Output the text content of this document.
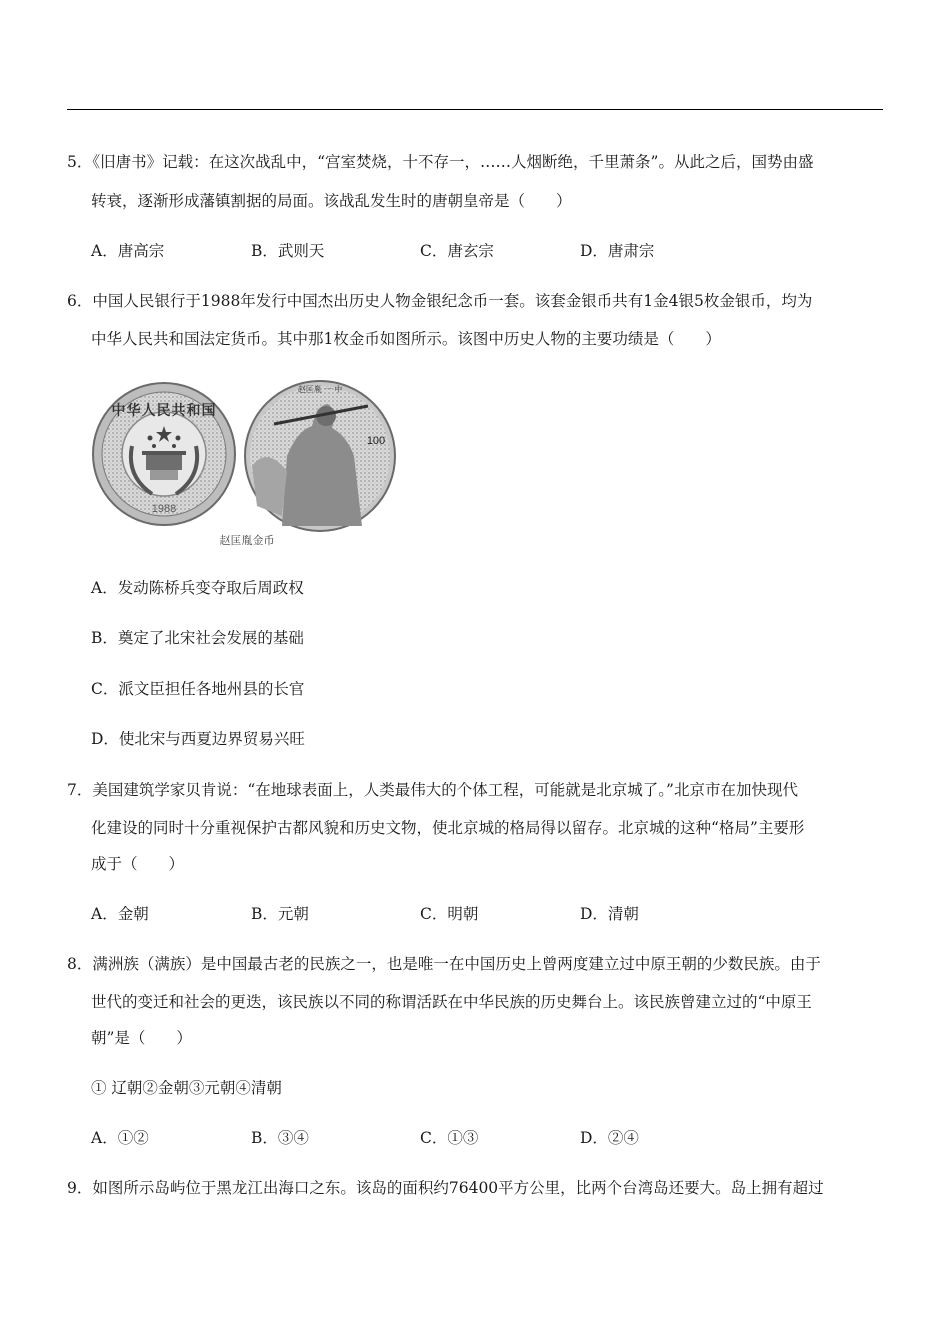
5．《旧唐书》记载：在这次战乱中，“宫室焚烧，十不存一，……人烟断绝，千里萧条”。从此之后，国势由盛
转衰，逐渐形成藩镇割据的局面。该战乱发生时的唐朝皇帝是（　　）
A．唐高宗	B．武则天	C．唐玄宗	D．唐肃宗
6．中国人民银行于1988年发行中国杰出历史人物金银纪念币一套。该套金银币共有1金4银5枚金银币，均为
中华人民共和国法定货币。其中那1枚金币如图所示。该图中历史人物的主要功绩是（　　）
中华人民共和国
1988
赵匡胤 一 中
100
赵匡胤金币
A．发动陈桥兵变夺取后周政权
B．奠定了北宋社会发展的基础
C．派文臣担任各地州县的长官
D．使北宋与西夏边界贸易兴旺
7．美国建筑学家贝肯说：“在地球表面上，人类最伟大的个体工程，可能就是北京城了。”北京市在加快现代
化建设的同时十分重视保护古都风貌和历史文物，使北京城的格局得以留存。北京城的这种“格局”主要形
成于（　　）
A．金朝	B．元朝	C．明朝	D．清朝
8．满洲族（满族）是中国最古老的民族之一，也是唯一在中国历史上曾两度建立过中原王朝的少数民族。由于
世代的变迁和社会的更迭，该民族以不同的称谓活跃在中华民族的历史舞台上。该民族曾建立过的“中原王
朝”是（　　）
① 辽朝②金朝③元朝④清朝
A．①②	B．③④	C．①③	D．②④
9．如图所示岛屿位于黑龙江出海口之东。该岛的面积约76400平方公里，比两个台湾岛还要大。岛上拥有超过
